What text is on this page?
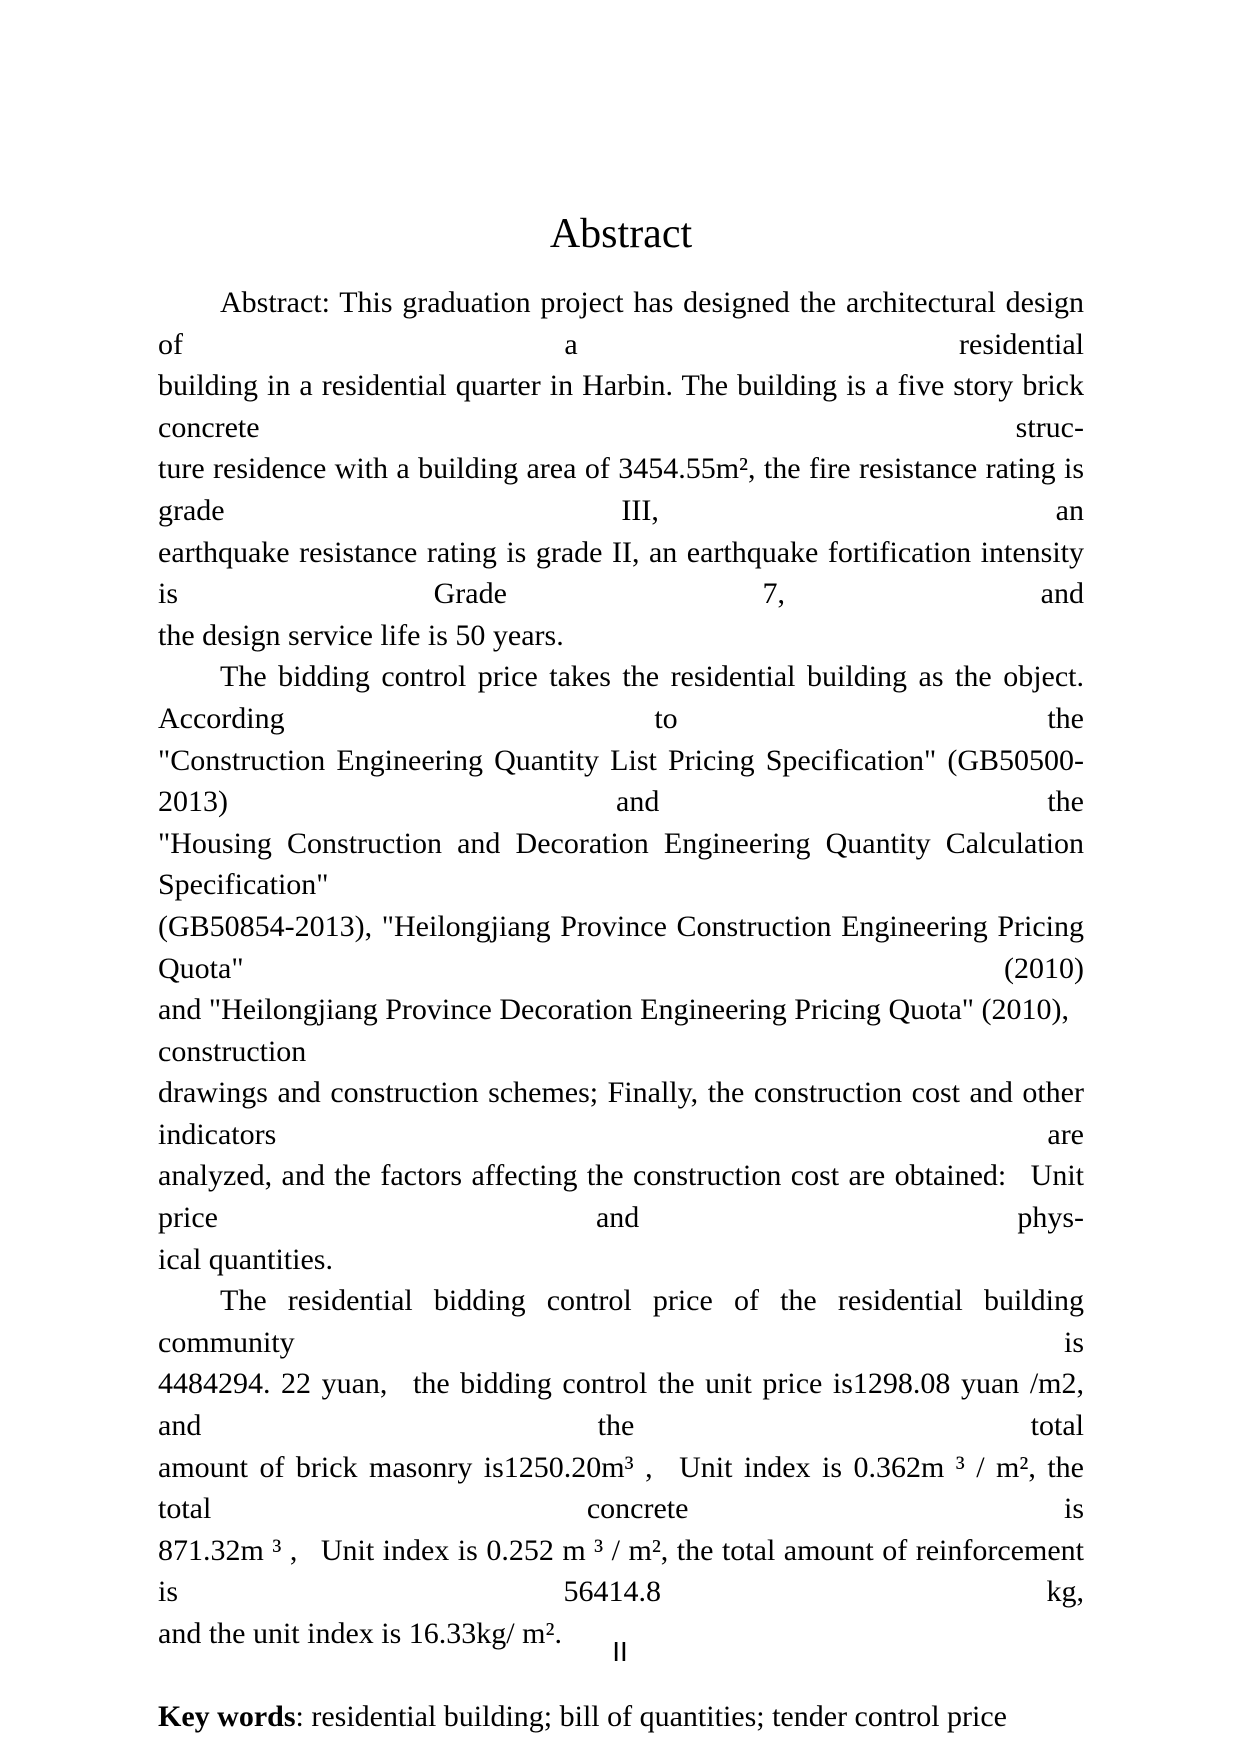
Abstract
Abstract: This graduation project has designed the architectural design of a residential
building in a residential quarter in Harbin. The building is a five story brick concrete struc-
ture residence with a building area of 3454.55m², the fire resistance rating is grade III, an
earthquake resistance rating is grade II, an earthquake fortification intensity is Grade 7, and
the design service life is 50 years.
The bidding control price takes the residential building as the object. According to the
"Construction Engineering Quantity List Pricing Specification" (GB50500-2013) and the
"Housing Construction and Decoration Engineering Quantity Calculation Specification"
(GB50854-2013), "Heilongjiang Province Construction Engineering Pricing Quota" (2010)
and "Heilongjiang Province Decoration Engineering Pricing Quota" (2010), construction
drawings and construction schemes; Finally, the construction cost and other indicators are
analyzed, and the factors affecting the construction cost are obtained:  Unit price and phys-
ical quantities.
The residential bidding control price of the residential building community is
4484294. 22 yuan,  the bidding control the unit price is1298.08 yuan /m2, and the total
amount of brick masonry is1250.20m³ ,  Unit index is 0.362m ³ / m², the total concrete is
871.32m ³ ,  Unit index is 0.252 m ³ / m², the total amount of reinforcement is 56414.8 kg,
and the unit index is 16.33kg/ m².

Key words: residential building; bill of quantities; tender control price

II
